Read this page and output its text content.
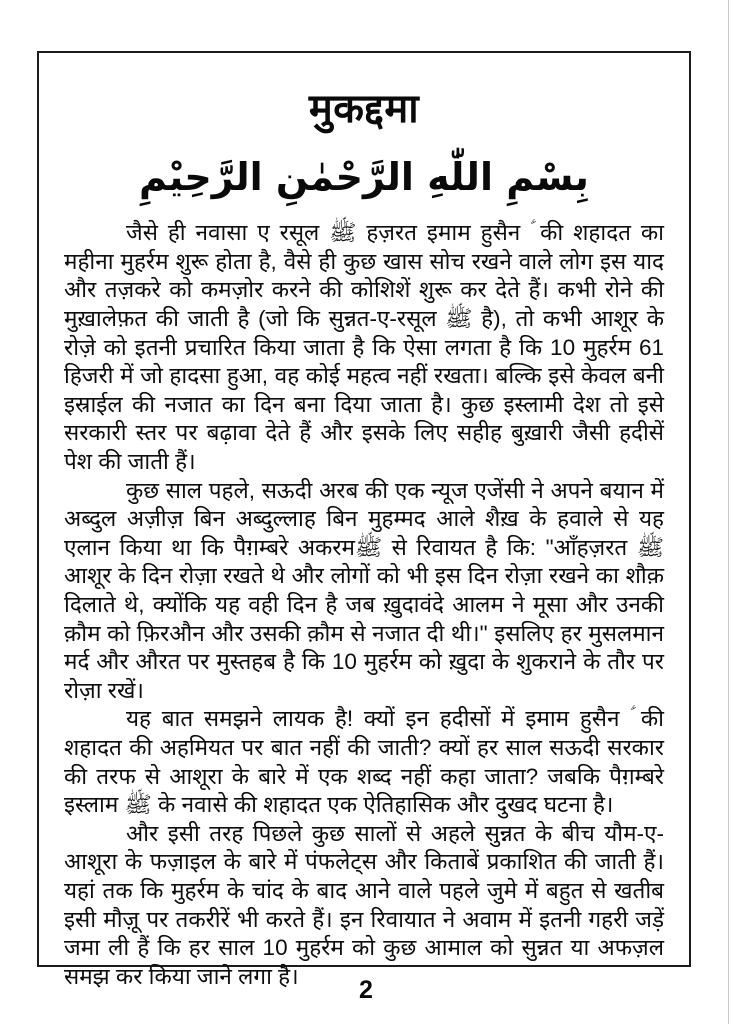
मुकद्दमा
بِسْمِ اللّٰهِ الرَّحْمٰنِ الرَّحِيْمِ

जैसे ही नवासा ए रसूल ﷺ हज़रत इमाम हुसैन ؑ की शहादत का महीना मुहर्रम शुरू होता है, वैसे ही कुछ खास सोच रखने वाले लोग इस याद और तज़करे को कमज़ोर करने की कोशिशें शुरू कर देते हैं। कभी रोने की मुख़ालेफ़त की जाती है (जो कि सुन्नत-ए-रसूल ﷺ है), तो कभी आशूर के रोज़े को इतनी प्रचारित किया जाता है कि ऐसा लगता है कि 10 मुहर्रम 61 हिजरी में जो हादसा हुआ, वह कोई महत्व नहीं रखता। बल्कि इसे केवल बनी इस्राईल की नजात का दिन बना दिया जाता है। कुछ इस्लामी देश तो इसे सरकारी स्तर पर बढ़ावा देते हैं और इसके लिए सहीह बुख़ारी जैसी हदीसें पेश की जाती हैं।

कुछ साल पहले, सऊदी अरब की एक न्यूज एजेंसी ने अपने बयान में अब्दुल अज़ीज़ बिन अब्दुल्लाह बिन मुहम्मद आले शैख़ के हवाले से यह एलान किया था कि पैग़म्बरे अकरमﷺ से रिवायत है कि: "आँहज़रत ﷺ आशूर के दिन रोज़ा रखते थे और लोगों को भी इस दिन रोज़ा रखने का शौक़ दिलाते थे, क्योंकि यह वही दिन है जब ख़ुदावंदे आलम ने मूसा और उनकी क़ौम को फ़िरऔन और उसकी क़ौम से नजात दी थी।" इसलिए हर मुसलमान मर्द और औरत पर मुस्तहब है कि 10 मुहर्रम को ख़ुदा के शुकराने के तौर पर रोज़ा रखें।

यह बात समझने लायक है! क्यों इन हदीसों में इमाम हुसैन ؑ की शहादत की अहमियत पर बात नहीं की जाती? क्यों हर साल सऊदी सरकार की तरफ से आशूरा के बारे में एक शब्द नहीं कहा जाता? जबकि पैग़म्बरे इस्लाम ﷺ के नवासे की शहादत एक ऐतिहासिक और दुखद घटना है।

और इसी तरह पिछले कुछ सालों से अहले सुन्नत के बीच यौम-ए-आशूरा के फज़ाइल के बारे में पंफलेट्स और किताबें प्रकाशित की जाती हैं। यहां तक कि मुहर्रम के चांद के बाद आने वाले पहले जुमे में बहुत से खतीब इसी मौज़ू पर तकरीरें भी करते हैं। इन रिवायात ने अवाम में इतनी गहरी जड़ें जमा ली हैं कि हर साल 10 मुहर्रम को कुछ आमाल को सुन्नत या अफज़ल समझ कर किया जाने लगा है।	2
